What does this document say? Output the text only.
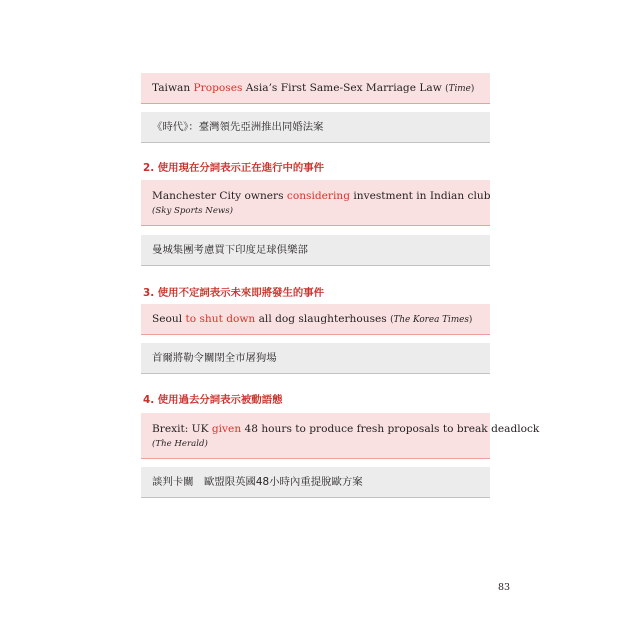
Taiwan Proposes Asia’s First Same-Sex Marriage Law (Time)
《時代》：臺灣領先亞洲推出同婚法案
2. 使用現在分詞表示正在進行中的事件
Manchester City owners considering investment in Indian club
(Sky Sports News)
曼城集團考慮買下印度足球俱樂部
3. 使用不定詞表示未來即將發生的事件
Seoul to shut down all dog slaughterhouses (The Korea Times)
首爾將勒令關閉全市屠狗場
4. 使用過去分詞表示被動語態
Brexit: UK given 48 hours to produce fresh proposals to break deadlock
(The Herald)
談判卡關　歐盟限英國48小時內重提脫歐方案
83
